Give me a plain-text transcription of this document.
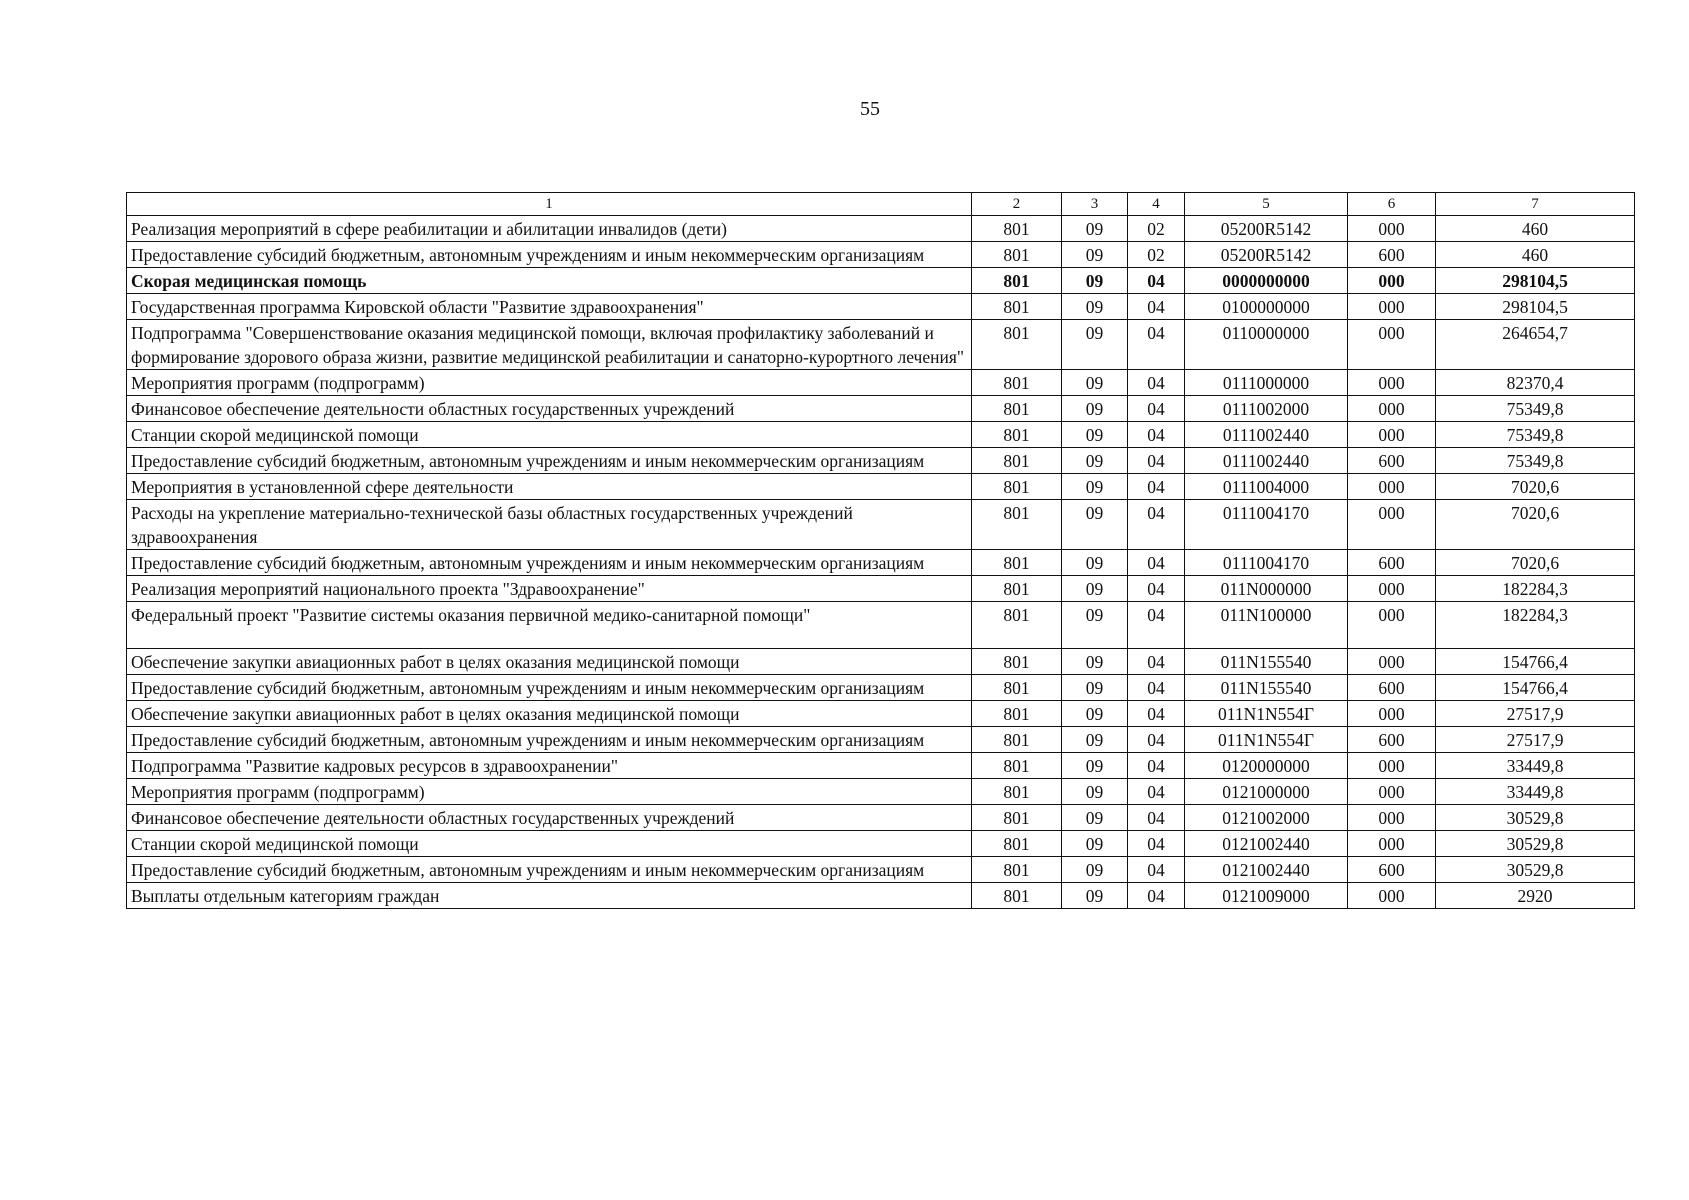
55
1	2	3	4	5	6	7
Реализация мероприятий в сфере реабилитации и абилитации инвалидов (дети)	801	09	02	05200R5142	000	460
Предоставление субсидий бюджетным, автономным учреждениям и иным некоммерческим организациям	801	09	02	05200R5142	600	460
Скорая медицинская помощь	801	09	04	0000000000	000	298104,5
Государственная программа Кировской области "Развитие здравоохранения"	801	09	04	0100000000	000	298104,5
Подпрограмма "Совершенствование оказания медицинской помощи, включая профилактику заболеваний и формирование здорового образа жизни, развитие медицинской реабилитации и санаторно-курортного лечения"	801	09	04	0110000000	000	264654,7
Мероприятия программ (подпрограмм)	801	09	04	0111000000	000	82370,4
Финансовое обеспечение деятельности областных государственных учреждений	801	09	04	0111002000	000	75349,8
Станции скорой медицинской помощи	801	09	04	0111002440	000	75349,8
Предоставление субсидий бюджетным, автономным учреждениям и иным некоммерческим организациям	801	09	04	0111002440	600	75349,8
Мероприятия в установленной сфере деятельности	801	09	04	0111004000	000	7020,6
Расходы на укрепление материально-технической базы областных государственных учреждений здравоохранения	801	09	04	0111004170	000	7020,6
Предоставление субсидий бюджетным, автономным учреждениям и иным некоммерческим организациям	801	09	04	0111004170	600	7020,6
Реализация мероприятий национального проекта "Здравоохранение"	801	09	04	011N000000	000	182284,3
Федеральный проект "Развитие системы оказания первичной медико-санитарной помощи"	801	09	04	011N100000	000	182284,3
Обеспечение закупки авиационных работ в целях оказания медицинской помощи	801	09	04	011N155540	000	154766,4
Предоставление субсидий бюджетным, автономным учреждениям и иным некоммерческим организациям	801	09	04	011N155540	600	154766,4
Обеспечение закупки авиационных работ в целях оказания медицинской помощи	801	09	04	011N1N554Г	000	27517,9
Предоставление субсидий бюджетным, автономным учреждениям и иным некоммерческим организациям	801	09	04	011N1N554Г	600	27517,9
Подпрограмма "Развитие кадровых ресурсов в здравоохранении"	801	09	04	0120000000	000	33449,8
Мероприятия программ (подпрограмм)	801	09	04	0121000000	000	33449,8
Финансовое обеспечение деятельности областных государственных учреждений	801	09	04	0121002000	000	30529,8
Станции скорой медицинской помощи	801	09	04	0121002440	000	30529,8
Предоставление субсидий бюджетным, автономным учреждениям и иным некоммерческим организациям	801	09	04	0121002440	600	30529,8
Выплаты отдельным категориям граждан	801	09	04	0121009000	000	2920
